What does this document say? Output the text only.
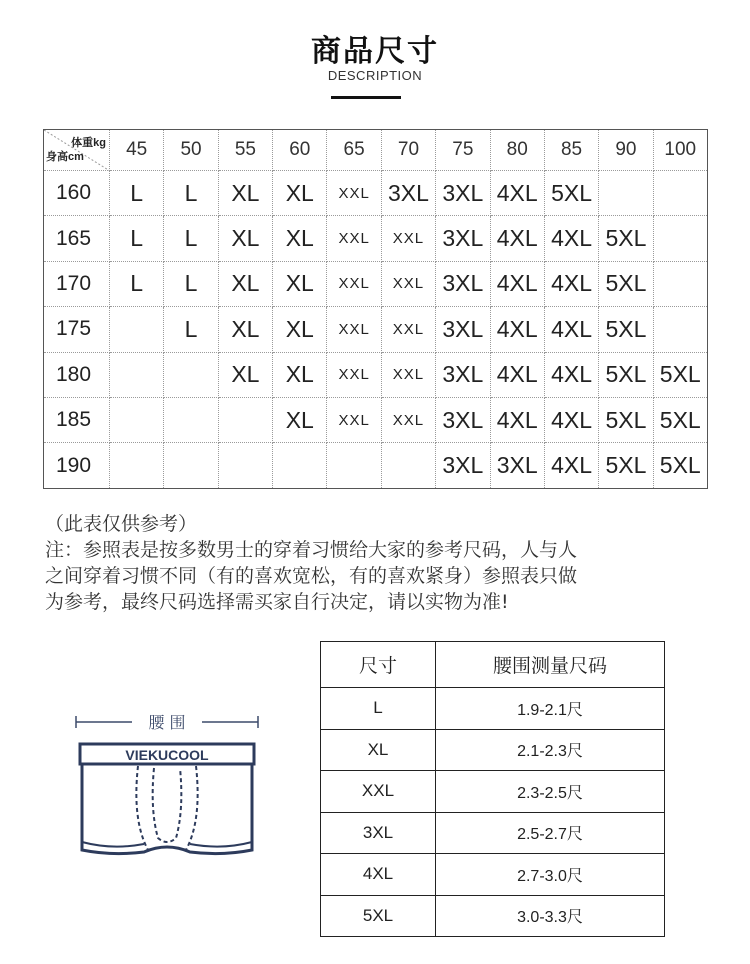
商品尺寸
DESCRIPTION
体重kg
身高cm	45	50	55	60	65	70	75	80	85	90	100
160	L	L	XL	XL	XXL	3XL	3XL	4XL	5XL		
165	L	L	XL	XL	XXL	XXL	3XL	4XL	4XL	5XL	
170	L	L	XL	XL	XXL	XXL	3XL	4XL	4XL	5XL	
175		L	XL	XL	XXL	XXL	3XL	4XL	4XL	5XL	
180			XL	XL	XXL	XXL	3XL	4XL	4XL	5XL	5XL
185				XL	XXL	XXL	3XL	4XL	4XL	5XL	5XL
190							3XL	3XL	4XL	5XL	5XL
（此表仅供参考）
注：参照表是按多数男士的穿着习惯给大家的参考尺码，人与人
之间穿着习惯不同（有的喜欢宽松，有的喜欢紧身）参照表只做
为参考，最终尺码选择需买家自行决定，请以实物为准!
腰 围
VIEKUCOOL
尺寸	腰围测量尺码
L	1.9-2.1尺
XL	2.1-2.3尺
XXL	2.3-2.5尺
3XL	2.5-2.7尺
4XL	2.7-3.0尺
5XL	3.0-3.3尺
